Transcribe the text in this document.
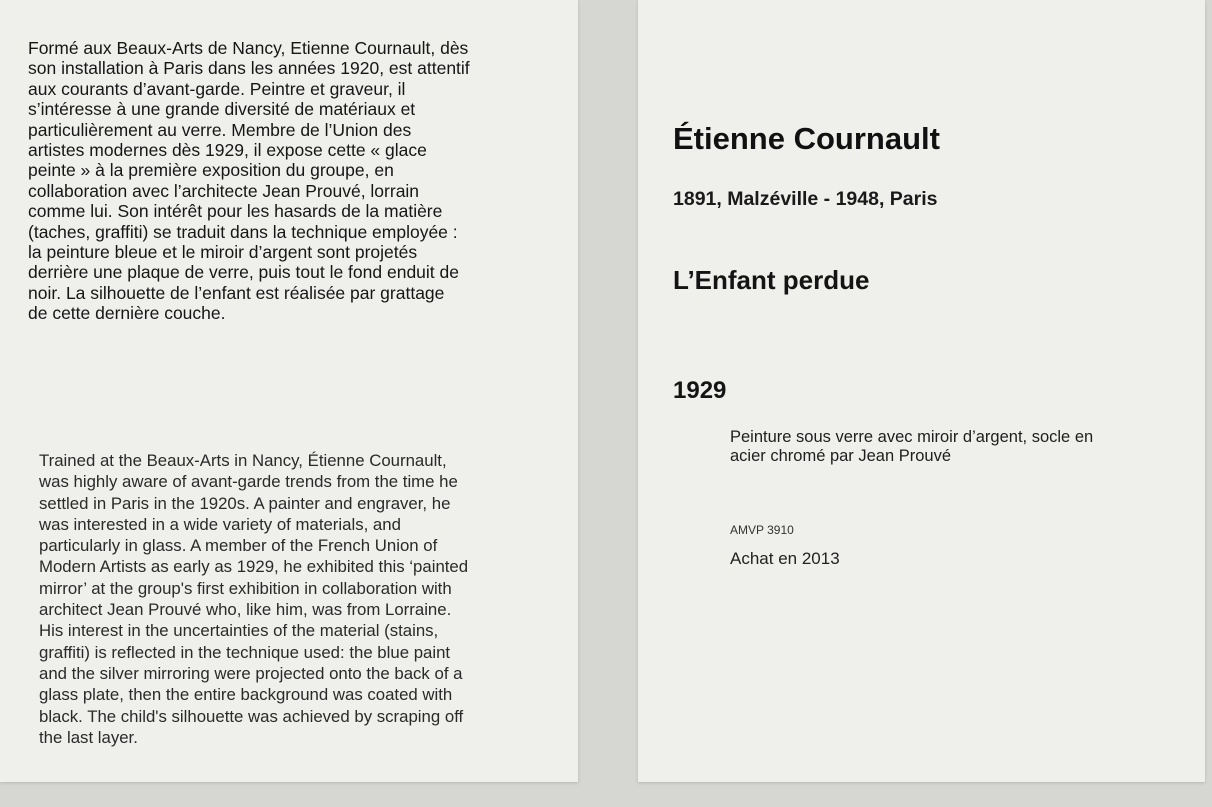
Formé aux Beaux-Arts de Nancy, Etienne Cournault, dès
son installation à Paris dans les années 1920, est attentif
aux courants d’avant-garde. Peintre et graveur, il
s’intéresse à une grande diversité de matériaux et
particulièrement au verre. Membre de l’Union des
artistes modernes dès 1929, il expose cette « glace
peinte » à la première exposition du groupe, en
collaboration avec l’architecte Jean Prouvé, lorrain
comme lui. Son intérêt pour les hasards de la matière
(taches, graffiti) se traduit dans la technique employée :
la peinture bleue et le miroir d’argent sont projetés
derrière une plaque de verre, puis tout le fond enduit de
noir. La silhouette de l’enfant est réalisée par grattage
de cette dernière couche.

Trained at the Beaux-Arts in Nancy, Étienne Cournault,
was highly aware of avant-garde trends from the time he
settled in Paris in the 1920s. A painter and engraver, he
was interested in a wide variety of materials, and
particularly in glass. A member of the French Union of
Modern Artists as early as 1929, he exhibited this ‘painted
mirror’ at the group's first exhibition in collaboration with
architect Jean Prouvé who, like him, was from Lorraine.
His interest in the uncertainties of the material (stains,
graffiti) is reflected in the technique used: the blue paint
and the silver mirroring were projected onto the back of a
glass plate, then the entire background was coated with
black. The child's silhouette was achieved by scraping off
the last layer.

Étienne Cournault
1891, Malzéville - 1948, Paris
L’Enfant perdue
1929
Peinture sous verre avec miroir d’argent, socle en
acier chromé par Jean Prouvé
AMVP 3910
Achat en 2013
